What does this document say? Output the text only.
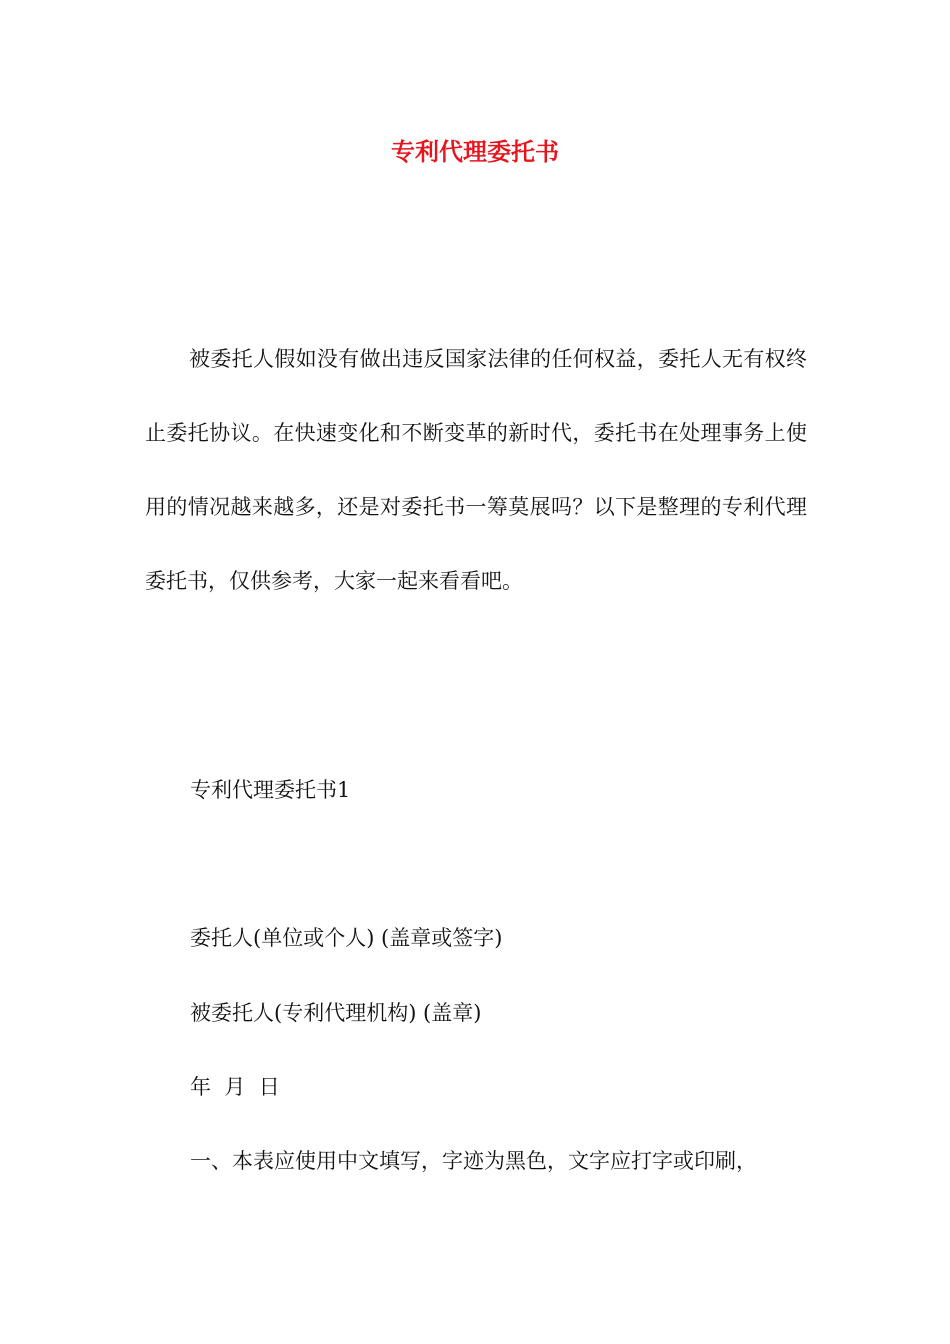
专利代理委托书

被委托人假如没有做出违反国家法律的任何权益，委托人无有权终止委托协议。在快速变化和不断变革的新时代，委托书在处理事务上使用的情况越来越多，还是对委托书一筹莫展吗？以下是整理的专利代理委托书，仅供参考，大家一起来看看吧。

专利代理委托书1

委托人(单位或个人) (盖章或签字)

被委托人(专利代理机构) (盖章)

年  月  日

一、本表应使用中文填写，字迹为黑色，文字应打字或印刷，
